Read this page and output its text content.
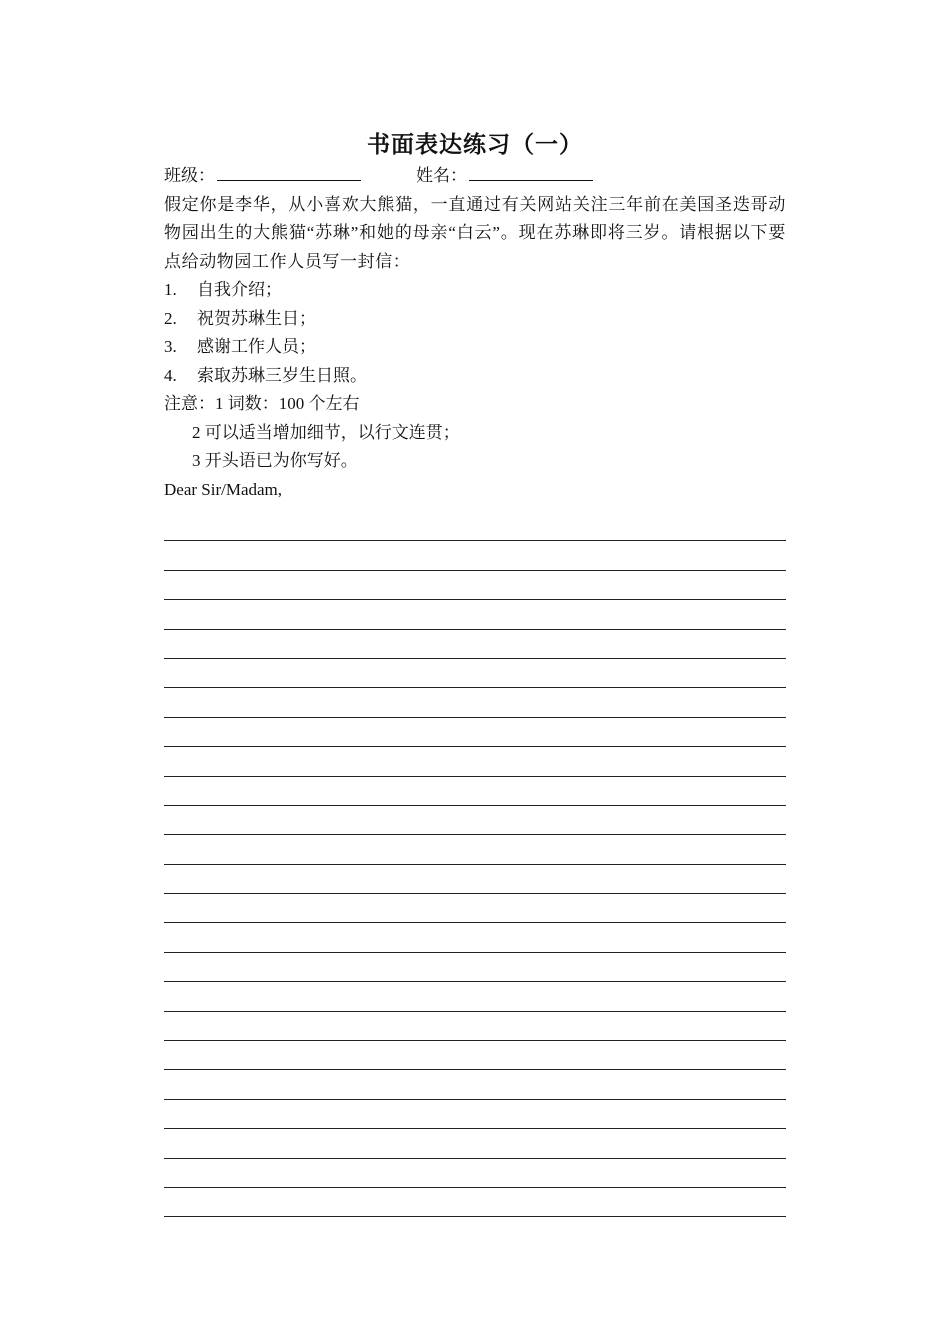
书面表达练习（一）
班级：	姓名：
假定你是李华，从小喜欢大熊猫，一直通过有关网站关注三年前在美国圣迭哥动物园出生的大熊猫“苏琳”和她的母亲“白云”。现在苏琳即将三岁。请根据以下要点给动物园工作人员写一封信：
1. 自我介绍；
2. 祝贺苏琳生日；
3. 感谢工作人员；
4. 索取苏琳三岁生日照。
注意：1 词数：100 个左右
2 可以适当增加细节，以行文连贯；
3 开头语已为你写好。
Dear Sir/Madam,
